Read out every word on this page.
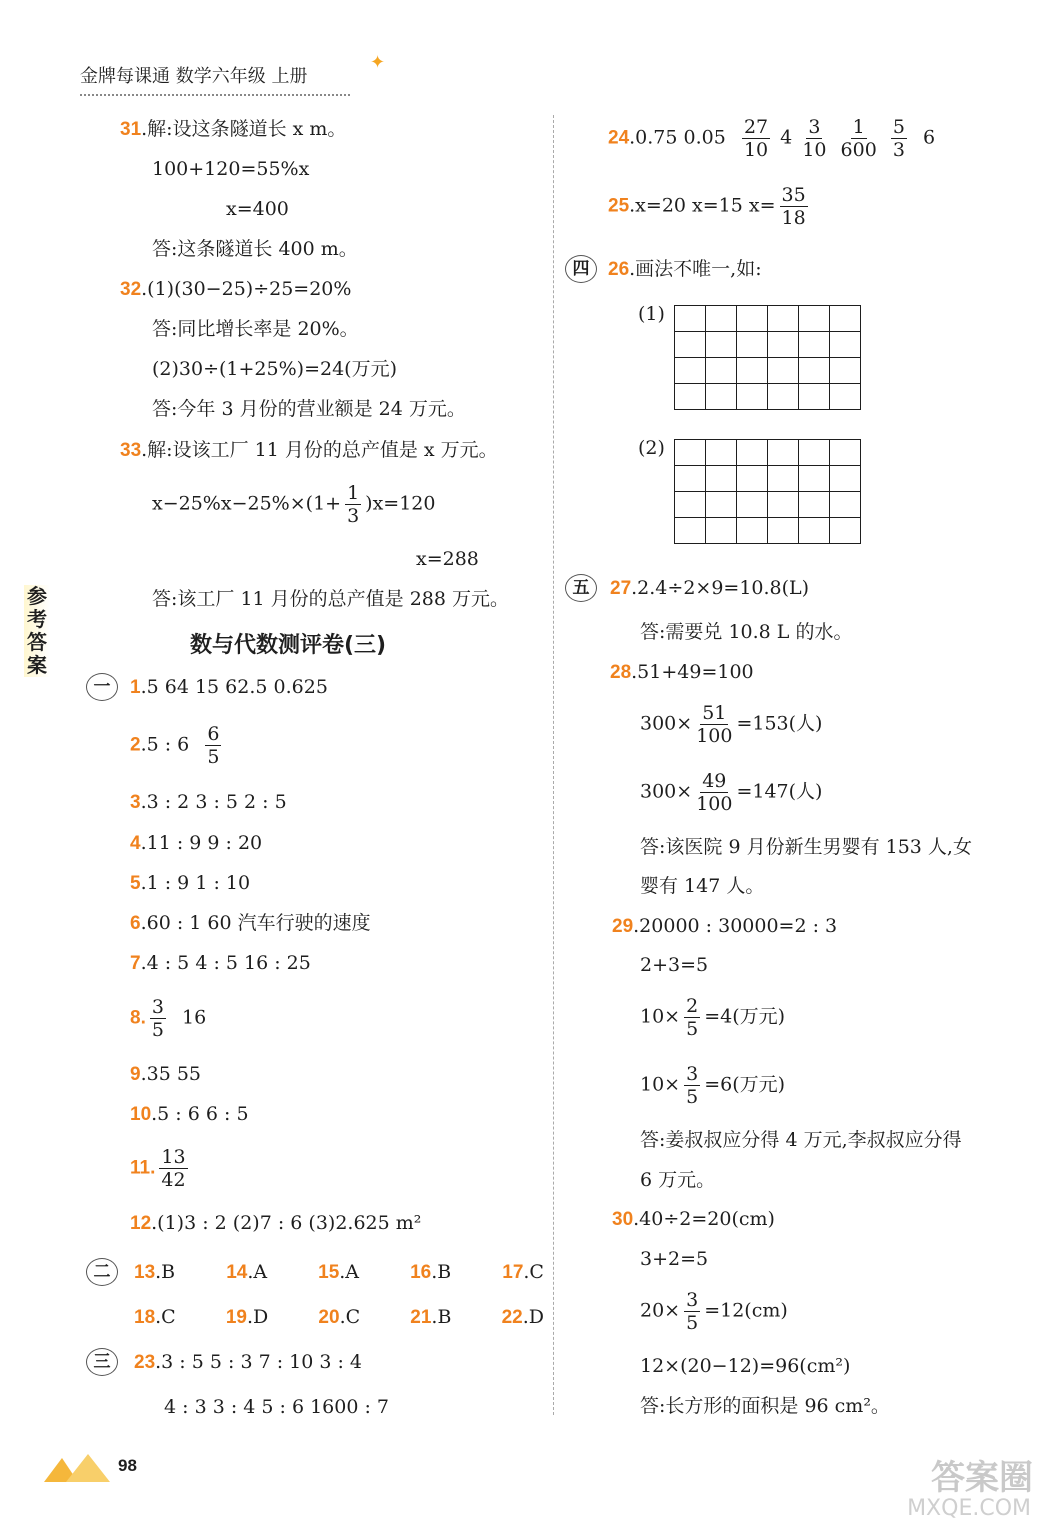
金牌每课通 数学六年级 上册
✦
参
考
答
案
31.解:设这条隧道长 x m。
100+120=55%x
x=400
答:这条隧道长 400 m。
32.(1)(30−25)÷25=20%
答:同比增长率是 20%。
(2)30÷(1+25%)=24(万元)
答:今年 3 月份的营业额是 24 万元。
33.解:设该工厂 11 月份的总产值是 x 万元。
$x-25\%x-25\%\times(1+ \frac{1}{3} )x=120$
x=288
答:该工厂 11 月份的总产值是 288 万元。
数与代数测评卷(三)
一	1.5 64 15 62.5 0.625
2.5 : $6 \frac{6}{5}$
3.3 : 2 3 : 5 2 : 5
4.11 : 9 9 : 20
5.1 : 9 1 : 10
6.60 : 1 60 汽车行驶的速度
7.4 : 5 4 : 5 16 : 25
8. $\frac{3}{5} 16$
9.35 55
10.5 : 6 6 : 5
11. $\frac{13}{42}$
12.(1)3 : 2 (2)7 : 6 (3)2.625 m²
二	13.B	14.A	15.A	16.B	17.C
18.C	19.D	20.C	21.B	22.D
三	23.3 : 5 5 : 3 7 : 10 3 : 4
4 : 3 3 : 4 5 : 6 1600 : 7
98	答案圈
MXQE.COM
24.0.75 $0.05 \frac{27}{10} 4 \frac{3}{10}$
$\frac{1}{600}$
$\frac{5}{3} 6$
25.x=20 x=15 $x= \frac{35}{18}$
四 26.画法不唯一,如:
(1)

(2)

五	27.2.4÷2×9=10.8(L)
答:需要兑 10.8 L 的水。
28.51+49=100
$300\times \frac{51}{100} =153$(人)
$300\times \frac{49}{100} =147$(人)
答:该医院 9 月份新生男婴有 153 人,女
婴有 147 人。
29.20000 : 30000=2 : 3
2+3=5
$10\times \frac{2}{5} =4$(万元)
$10\times \frac{3}{5} =6$(万元)
答:姜叔叔应分得 4 万元,李叔叔应分得
6 万元。
30.40÷2=20(cm)
3+2=5
$20\times \frac{3}{5} =12(cm)$
12×(20−12)=96(cm²)
答:长方形的面积是 96 cm²。
